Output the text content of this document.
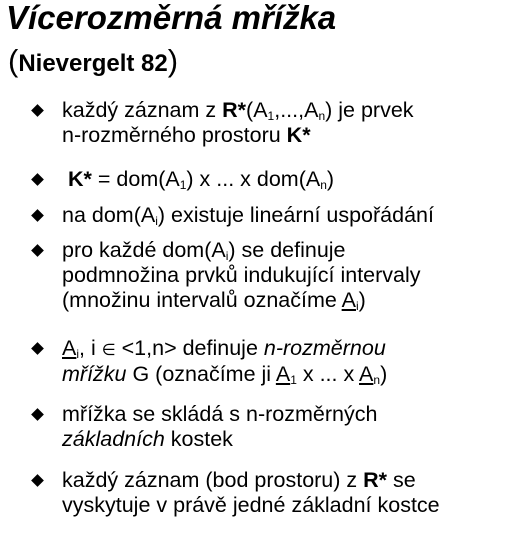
Vícerozměrná mřížka
(Nievergelt 82)
každý záznam z $R*(A_1,...,A_n)$ je prvek
n-rozměrného prostoru K*
$K* = dom(A_1)$ x ... x $dom(A_n)$
na $dom(A_i)$ existuje lineární uspořádání
pro každé $dom(A_i)$ se definuje
podmnožina prvků indukující intervaly
(množinu intervalů označíme $A_i$)
$A_i$, i ∈ <1,n> definuje n-rozměrnou
mřížku G (označíme ji $A_1$ x ... x $A_n$)
mřížka se skládá s n-rozměrných
základních kostek
každý záznam (bod prostoru) z R* se
vyskytuje v právě jedné základní kostce
